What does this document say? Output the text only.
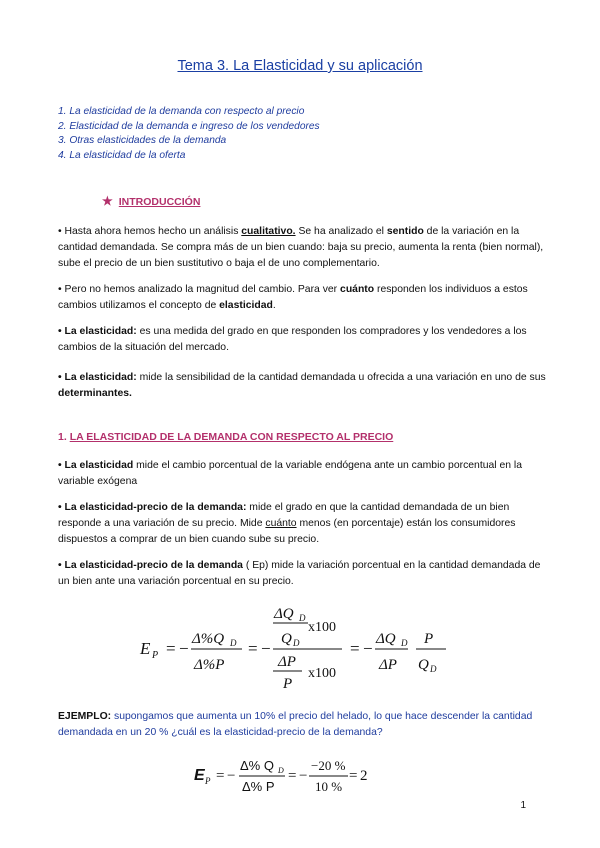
Tema 3. La Elasticidad y su aplicación
1. La elasticidad de la demanda con respecto al precio
2. Elasticidad de la demanda e ingreso de los vendedores
3. Otras elasticidades de la demanda
4. La elasticidad de la oferta
★ INTRODUCCIÓN

• Hasta ahora hemos hecho un análisis cualitativo. Se ha analizado el sentido de la variación en la cantidad demandada. Se compra más de un bien cuando: baja su precio, aumenta la renta (bien normal), sube el precio de un bien sustitutivo o baja el de uno complementario.

• Pero no hemos analizado la magnitud del cambio. Para ver cuánto responden los individuos a estos cambios utilizamos el concepto de elasticidad.

• La elasticidad: es una medida del grado en que responden los compradores y los vendedores a los cambios de la situación del mercado.

• La elasticidad: mide la sensibilidad de la cantidad demandada u ofrecida a una variación en uno de sus determinantes.

1. LA ELASTICIDAD DE LA DEMANDA CON RESPECTO AL PRECIO

• La elasticidad mide el cambio porcentual de la variable endógena ante un cambio porcentual en la variable exógena

• La elasticidad-precio de la demanda: mide el grado en que la cantidad demandada de un bien responde a una variación de su precio. Mide cuánto menos (en porcentaje) están los consumidores dispuestos a comprar de un bien cuando sube su precio.

• La elasticidad-precio de la demanda ( Ep) mide la variación porcentual en la cantidad demandada de un bien ante una variación porcentual en su precio.

E P = − Δ%Q D
Δ%P
= −
ΔQ D
x100
Q D
ΔP
x100
P
= − ΔQ D
ΔP
P
Q D

EJEMPLO: supongamos que aumenta un 10% el precio del helado, lo que hace descender la cantidad demandada en un 20 % ¿cuál es la elasticidad-precio de la demanda?

E P = −
Δ% Q D
Δ% P
= −
−20 %
10 %
= 2
1
